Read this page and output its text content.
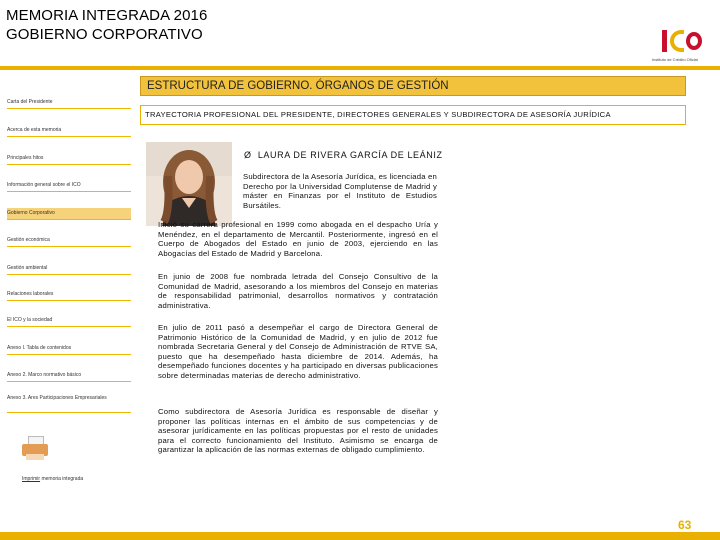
MEMORIA INTEGRADA 2016
GOBIERNO CORPORATIVO
Instituto de Crédito Oficial
ESTRUCTURA DE GOBIERNO. ÓRGANOS DE GESTIÓN
Carta del Presidente
Acerca de esta memoria
Principales hitos
Información general sobre el ICO
Gobierno Corporativo
Gestión económica
Gestión ambiental
Relaciones laborales
El ICO y la sociedad
Anexo I. Tabla de contenidos
Anexo 2. Marco normativo básico
Anexo 3. Ares Participaciones Empresariales
Imprimir memoria integrada
TRAYECTORIA PROFESIONAL DEL PRESIDENTE, DIRECTORES GENERALES Y SUBDIRECTORA DE ASESORÍA JURÍDICA
Ø LAURA DE RIVERA GARCÍA DE LEÁNIZ
Subdirectora de la Asesoría Jurídica, es licenciada en Derecho por la Universidad Complutense de Madrid y máster en Finanzas por el Instituto de Estudios Bursátiles.
Inició su carrera profesional en 1999 como abogada en el despacho Uría y Menéndez, en el departamento de Mercantil. Posteriormente, ingresó en el Cuerpo de Abogados del Estado en junio de 2003, ejerciendo en las Abogacías del Estado de Madrid y Barcelona.
En junio de 2008 fue nombrada letrada del Consejo Consultivo de la Comunidad de Madrid, asesorando a los miembros del Consejo en materias de responsabilidad patrimonial, desarrollos normativos y contratación administrativa.
En julio de 2011 pasó a desempeñar el cargo de Directora General de Patrimonio Histórico de la Comunidad de Madrid, y en julio de 2012 fue nombrada Secretaria General y del Consejo de Administración de RTVE SA, puesto que ha desempeñado hasta diciembre de 2014. Además, ha desempeñado funciones docentes y ha participado en diversas publicaciones sobre determinadas materias de derecho administrativo.
Como subdirectora de Asesoría Jurídica es responsable de diseñar y proponer las políticas internas en el ámbito de sus competencias y de asesorar jurídicamente en las políticas propuestas por el resto de unidades para el correcto funcionamiento del Instituto. Asimismo se encarga de garantizar la aplicación de las normas externas de obligado cumplimiento.
63
